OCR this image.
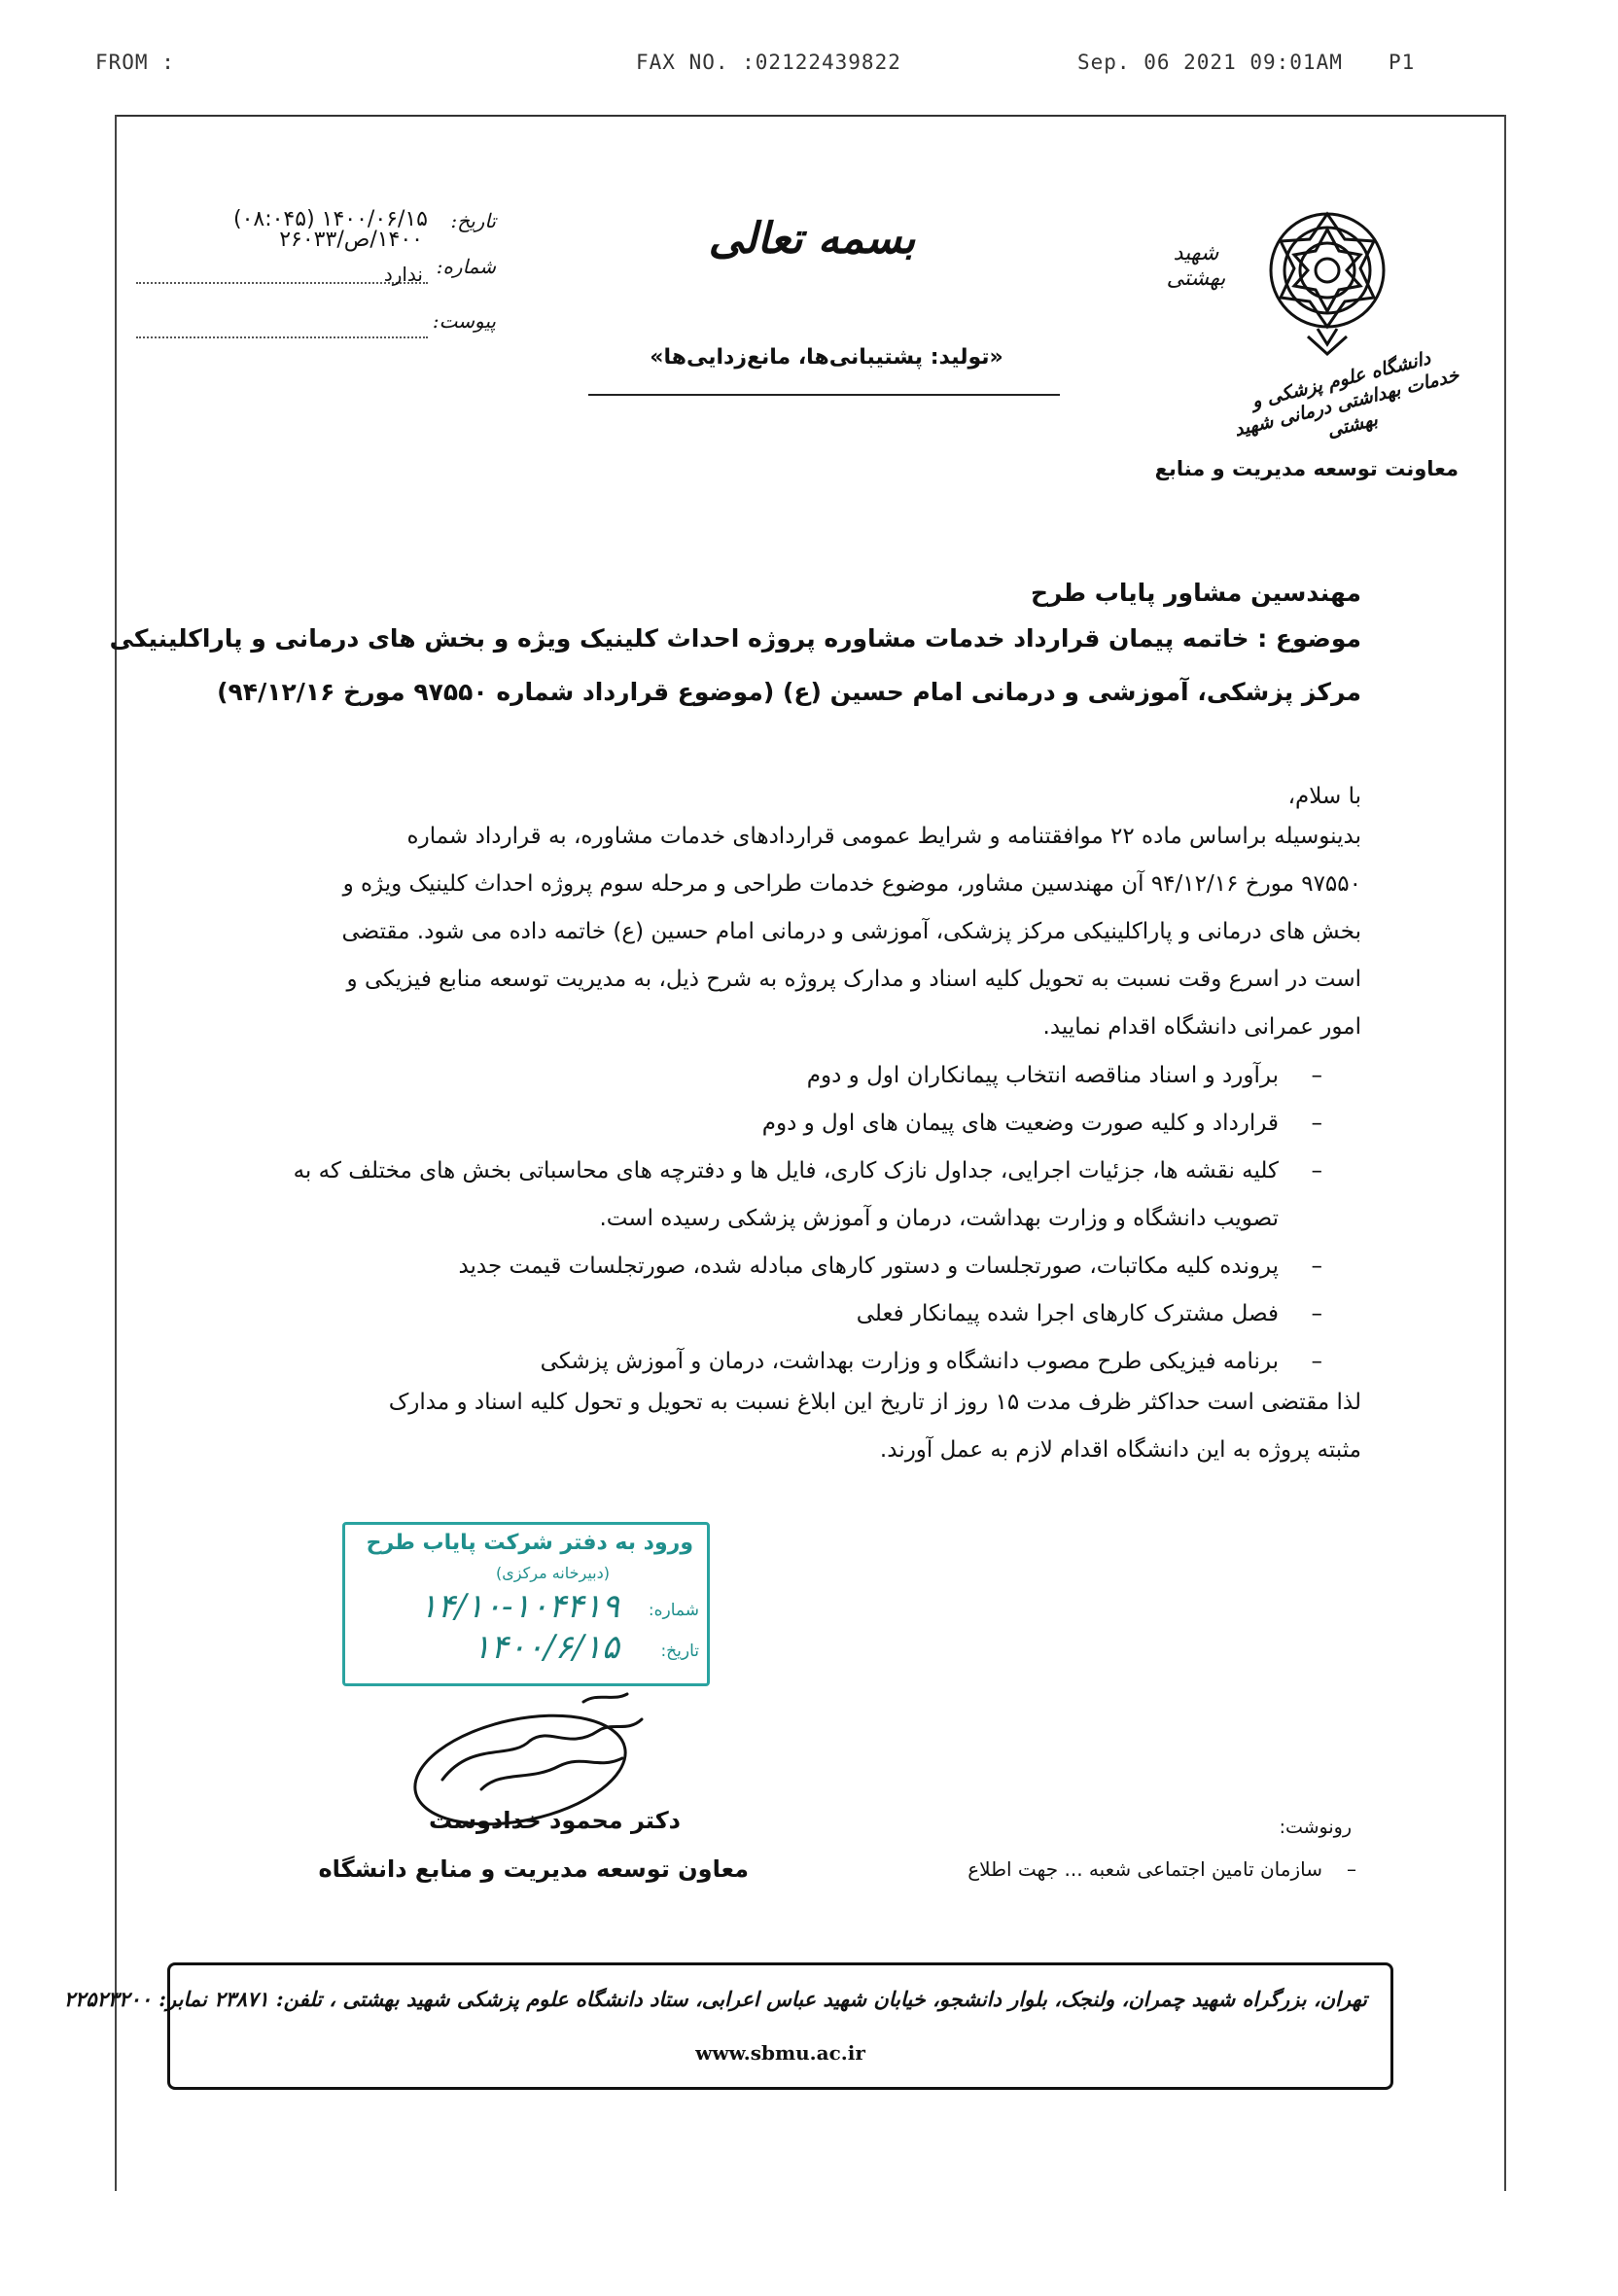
FROM :	FAX NO. :02122439822	Sep. 06 2021 09:01AM P1
تاریخ:
۱۴۰۰/۰۶/۱۵ (۰۸:۰۴۵)
شماره:
۱۴۰۰/ص/۲۶۰۳۳
ندارد
پیوست:
بسمه تعالی
«تولید: پشتیبانی‌ها، مانع‌زدایی‌ها»
شهید بهشتی
دانشگاه علوم پزشکی و خدمات بهداشتی درمانی شهید بهشتی
معاونت توسعه مدیریت و منابع
مهندسین مشاور پایاب طرح
موضوع : خاتمه پیمان قرارداد خدمات مشاوره پروژه احداث کلینیک ویژه و بخش های درمانی و پاراکلینیکی
مرکز پزشکی، آموزشی و درمانی امام حسین (ع) (موضوع قرارداد شماره ۹۷۵۵۰ مورخ ۹۴/۱۲/۱۶)
با سلام،
بدینوسیله براساس ماده ۲۲ موافقتنامه و شرایط عمومی قراردادهای خدمات مشاوره، به قرارداد شماره
۹۷۵۵۰ مورخ ۹۴/۱۲/۱۶ آن مهندسین مشاور، موضوع خدمات طراحی و مرحله سوم پروژه احداث کلینیک ویژه و
بخش های درمانی و پاراکلینیکی مرکز پزشکی، آموزشی و درمانی امام حسین (ع) خاتمه داده می شود. مقتضی
است در اسرع وقت نسبت به تحویل کلیه اسناد و مدارک پروژه به شرح ذیل، به مدیریت توسعه منابع فیزیکی و
امور عمرانی دانشگاه اقدام نمایید.
–
برآورد و اسناد مناقصه انتخاب پیمانکاران اول و دوم
–
قرارداد و کلیه صورت وضعیت های پیمان های اول و دوم
–
کلیه نقشه ها، جزئیات اجرایی، جداول نازک کاری، فایل ها و دفترچه های محاسباتی بخش های مختلف که به تصویب دانشگاه و وزارت بهداشت، درمان و آموزش پزشکی رسیده است.
–
پرونده کلیه مکاتبات، صورتجلسات و دستور کارهای مبادله شده، صورتجلسات قیمت جدید
–
فصل مشترک کارهای اجرا شده پیمانکار فعلی
–
برنامه فیزیکی طرح مصوب دانشگاه و وزارت بهداشت، درمان و آموزش پزشکی
لذا مقتضی است حداکثر ظرف مدت ۱۵ روز از تاریخ این ابلاغ نسبت به تحویل و تحول کلیه اسناد و مدارک
مثبته پروژه به این دانشگاه اقدام لازم به عمل آورند.
ورود به دفتر شرکت پایاب طرح
(دبیرخانه مرکزی)
شماره:
۱۴/۱۰-۱۰۴۴۱۹
تاریخ:
۱۴۰۰/۶/۱۵
دکتر محمود خدادوست
معاون توسعه مدیریت و منابع دانشگاه
رونوشت:
–
سازمان تامین اجتماعی شعبه ... جهت اطلاع
تهران، بزرگراه شهید چمران، ولنجک، بلوار دانشجو، خیابان شهید عباس اعرابی، ستاد دانشگاه علوم پزشکی شهید بهشتی ، تلفن: ۲۳۸۷۱ نمابر: ۲۲۵۲۳۲۰۰
www.sbmu.ac.ir
